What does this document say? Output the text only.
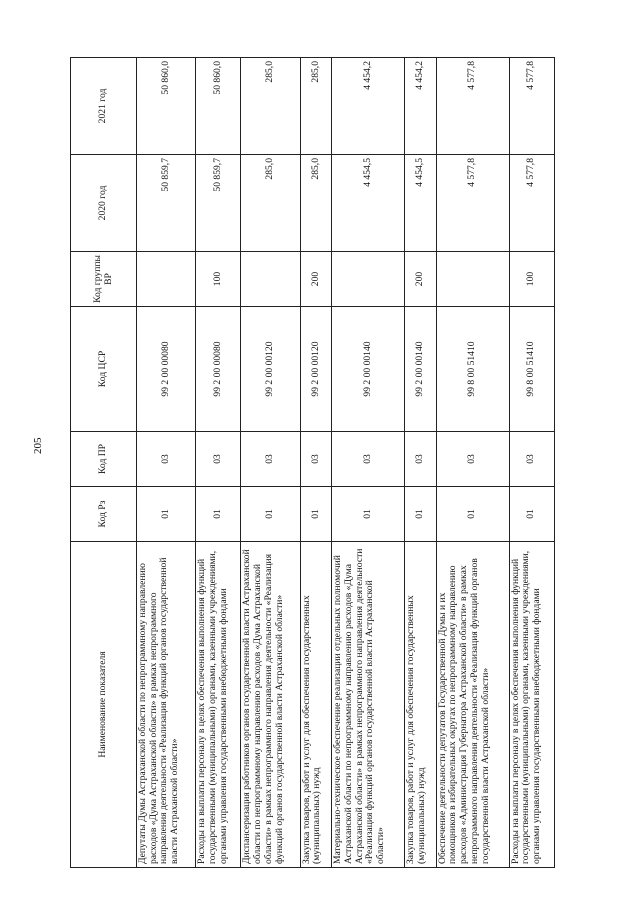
205
Наименование показателя	Код Рз	Код ПР	Код ЦСР	Код группы ВР	2020 год	2021 год
Депутаты Думы Астраханской области по непрограммному направлению расходов «Дума Астраханской области» в рамках непрограммного направления деятельности «Реализация функций органов государственной власти Астраханской области»	01	03	99 2 00 00080		50 859,7	50 860,0
Расходы на выплаты персоналу в целях обеспечения выполнения функций государственными (муниципальными) органами, казенными учреждениями, органами управления государственными внебюджетными фондами	01	03	99 2 00 00080	100	50 859,7	50 860,0
Диспансеризация работников органов государственной власти Астраханской области по непрограммному направлению расходов «Дума Астраханской области» в рамках непрограммного направления деятельности «Реализация функций органов государственной власти Астраханской области»	01	03	99 2 00 00120		285,0	285,0
Закупка товаров, работ и услуг для обеспечения государственных (муниципальных) нужд	01	03	99 2 00 00120	200	285,0	285,0
Материально-техническое обеспечение реализации отдельных полномочий Астраханской области по непрограммному направлению расходов «Дума Астраханской области» в рамках непрограммного направления деятельности «Реализация функций органов государственной власти Астраханской области»	01	03	99 2 00 00140		4 454,5	4 454,2
Закупка товаров, работ и услуг для обеспечения государственных (муниципальных) нужд	01	03	99 2 00 00140	200	4 454,5	4 454,2
Обеспечение деятельности депутатов Государственной Думы и их помощников в избирательных округах по непрограммному направлению расходов «Администрация Губернатора Астраханской области» в рамках непрограммного направления деятельности «Реализация функций органов государственной власти Астраханской области»	01	03	99 8 00 51410		4 577,8	4 577,8
Расходы на выплаты персоналу в целях обеспечения выполнения функций государственными (муниципальными) органами, казенными учреждениями, органами управления государственными внебюджетными фондами	01	03	99 8 00 51410	100	4 577,8	4 577,8
